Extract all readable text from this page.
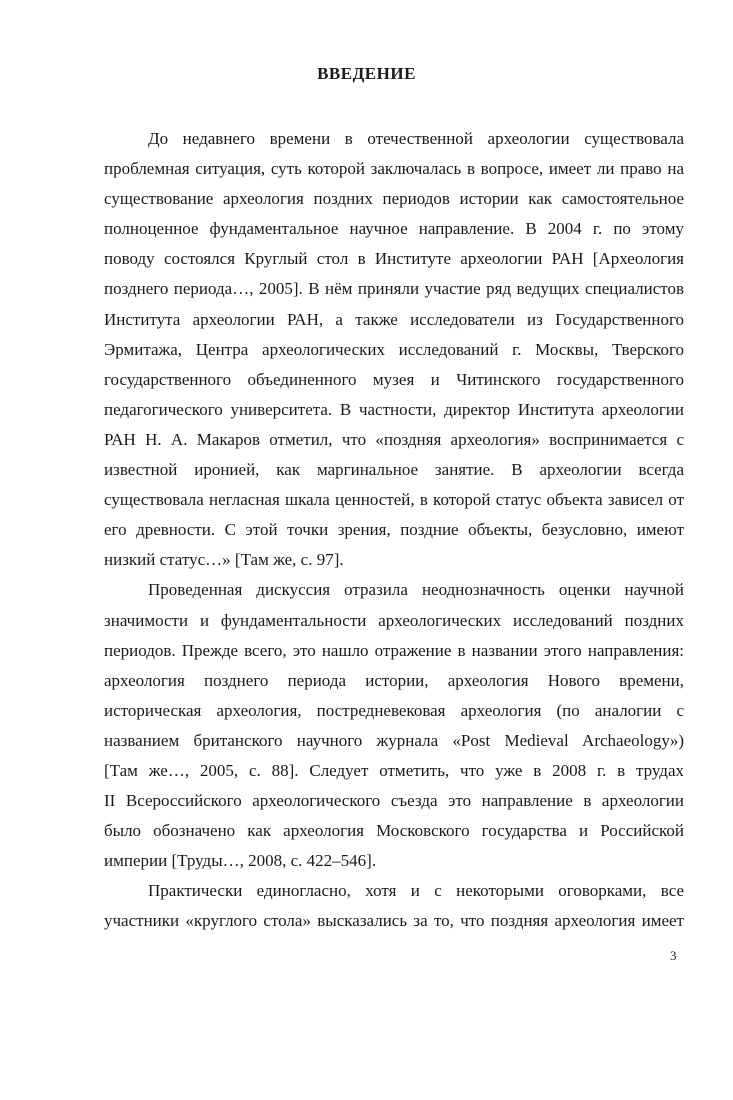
ВВЕДЕНИЕ
До недавнего времени в отечественной археологии существовала
проблемная ситуация, суть которой заключалась в вопросе, имеет ли право на
существование археология поздних периодов истории как самостоятельное
полноценное фундаментальное научное направление. В 2004 г. по этому
поводу состоялся Круглый стол в Институте археологии РАН [Археология
позднего периода…, 2005]. В нём приняли участие ряд ведущих специалистов
Института археологии РАН, а также исследователи из Государственного
Эрмитажа, Центра археологических исследований г. Москвы, Тверского
государственного объединенного музея и Читинского государственного
педагогического университета. В частности, директор Института археологии
РАН Н. А. Макаров отметил, что «поздняя археология» воспринимается с
известной иронией, как маргинальное занятие. В археологии всегда
существовала негласная шкала ценностей, в которой статус объекта зависел от
его древности. С этой точки зрения, поздние объекты, безусловно, имеют
низкий статус…» [Там же, с. 97].
Проведенная дискуссия отразила неоднозначность оценки научной
значимости и фундаментальности археологических исследований поздних
периодов. Прежде всего, это нашло отражение в названии этого направления:
археология позднего периода истории, археология Нового времени,
историческая археология, постредневековая археология (по аналогии с
названием британского научного журнала «Post Medieval Archaeology»)
[Там же…, 2005, с. 88]. Следует отметить, что уже в 2008 г. в трудах
II Всероссийского археологического съезда это направление в археологии
было обозначено как археология Московского государства и Российской
империи [Труды…, 2008, с. 422–546].
Практически единогласно, хотя и с некоторыми оговорками, все
участники «круглого стола» высказались за то, что поздняя археология имеет
3
